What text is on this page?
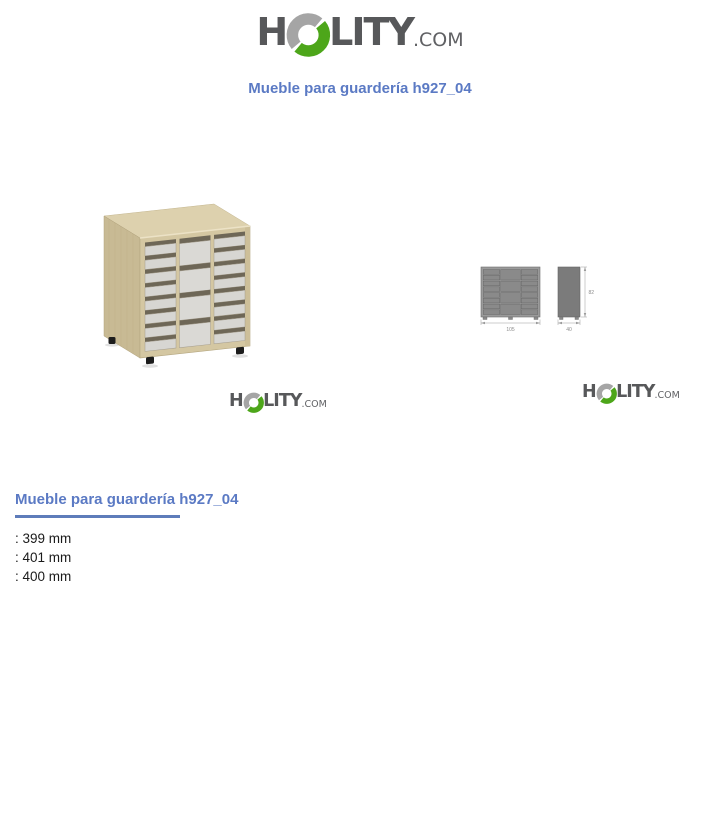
H LITY .COM
Mueble para guardería h927_04
105	40
82
H LITY .COM
H LITY .COM
Mueble para guardería h927_04
: 399 mm
: 401 mm
: 400 mm
